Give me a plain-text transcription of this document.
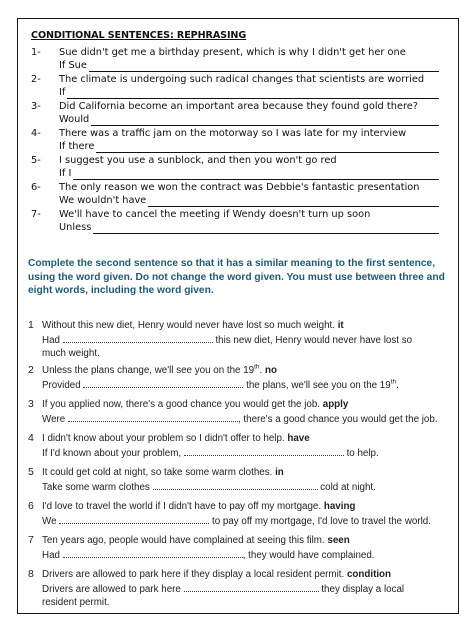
CONDITIONAL SENTENCES: REPHRASING
1- Sue didn't get me a birthday present, which is why I didn't get her one
If Sue
2- The climate is undergoing such radical changes that scientists are worried
If
3- Did California become an important area because they found gold there?
Would
4- There was a traffic jam on the motorway so I was late for my interview
If there
5- I suggest you use a sunblock, and then you won't go red
If I
6- The only reason we won the contract was Debbie's fantastic presentation
We wouldn't have
7- We'll have to cancel the meeting if Wendy doesn't turn up soon
Unless
Complete the second sentence so that it has a similar meaning to the first sentence, using the word given. Do not change the word given. You must use between three and eight words, including the word given.
1 Without this new diet, Henry would never have lost so much weight. it
Had	this new diet, Henry would never have lost so
much weight.
2 Unless the plans change, we'll see you on the 19th. no
Provided	the plans, we'll see you on the 19th.
3 If you applied now, there's a good chance you would get the job. apply
Were	, there's a good chance you would get the job.
4 I didn't know about your problem so I didn't offer to help. have
If I'd known about your problem,	to help.
5 It could get cold at night, so take some warm clothes. in
Take some warm clothes	cold at night.
6 I'd love to travel the world if I didn't have to pay off my mortgage. having
We	to pay off my mortgage, I'd love to travel the world.
7 Ten years ago, people would have complained at seeing this film. seen
Had	, they would have complained.
8 Drivers are allowed to park here if they display a local resident permit. condition
Drivers are allowed to park here	they display a local
resident permit.
